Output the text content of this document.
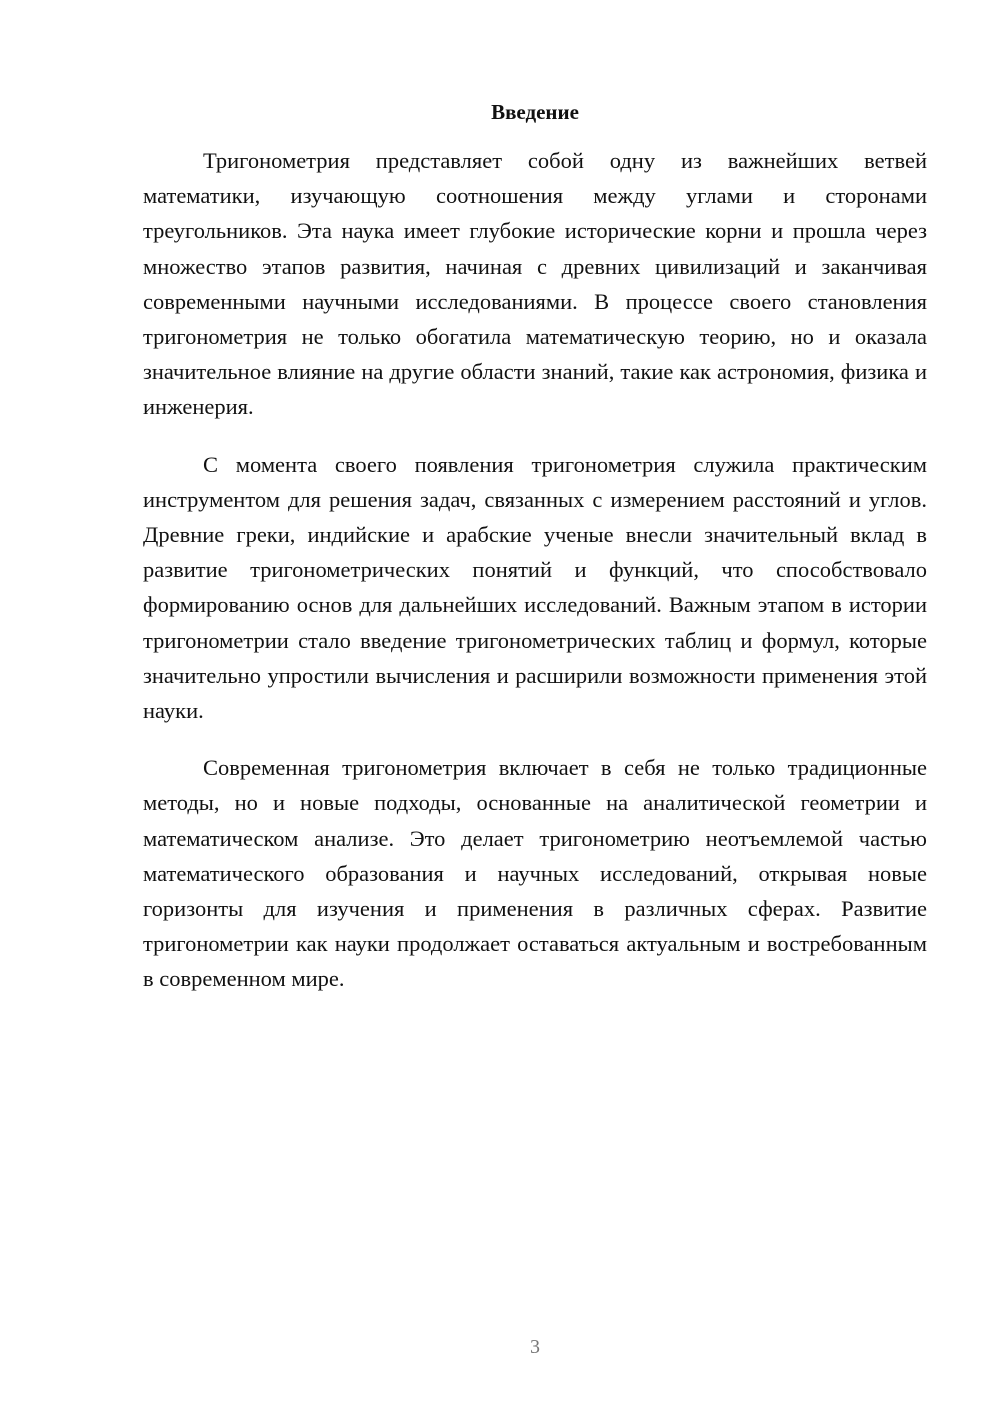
Введение

Тригонометрия представляет собой одну из важнейших ветвей математики, изучающую соотношения между углами и сторонами треугольников. Эта наука имеет глубокие исторические корни и прошла через множество этапов развития, начиная с древних цивилизаций и заканчивая современными научными исследованиями. В процессе своего становления тригонометрия не только обогатила математическую теорию, но и оказала значительное влияние на другие области знаний, такие как астрономия, физика и инженерия.

С момента своего появления тригонометрия служила практическим инструментом для решения задач, связанных с измерением расстояний и углов. Древние греки, индийские и арабские ученые внесли значительный вклад в развитие тригонометрических понятий и функций, что способствовало формированию основ для дальнейших исследований. Важным этапом в истории тригонометрии стало введение тригонометрических таблиц и формул, которые значительно упростили вычисления и расширили возможности применения этой науки.

Современная тригонометрия включает в себя не только традиционные методы, но и новые подходы, основанные на аналитической геометрии и математическом анализе. Это делает тригонометрию неотъемлемой частью математического образования и научных исследований, открывая новые горизонты для изучения и применения в различных сферах. Развитие тригонометрии как науки продолжает оставаться актуальным и востребованным в современном мире.

3
